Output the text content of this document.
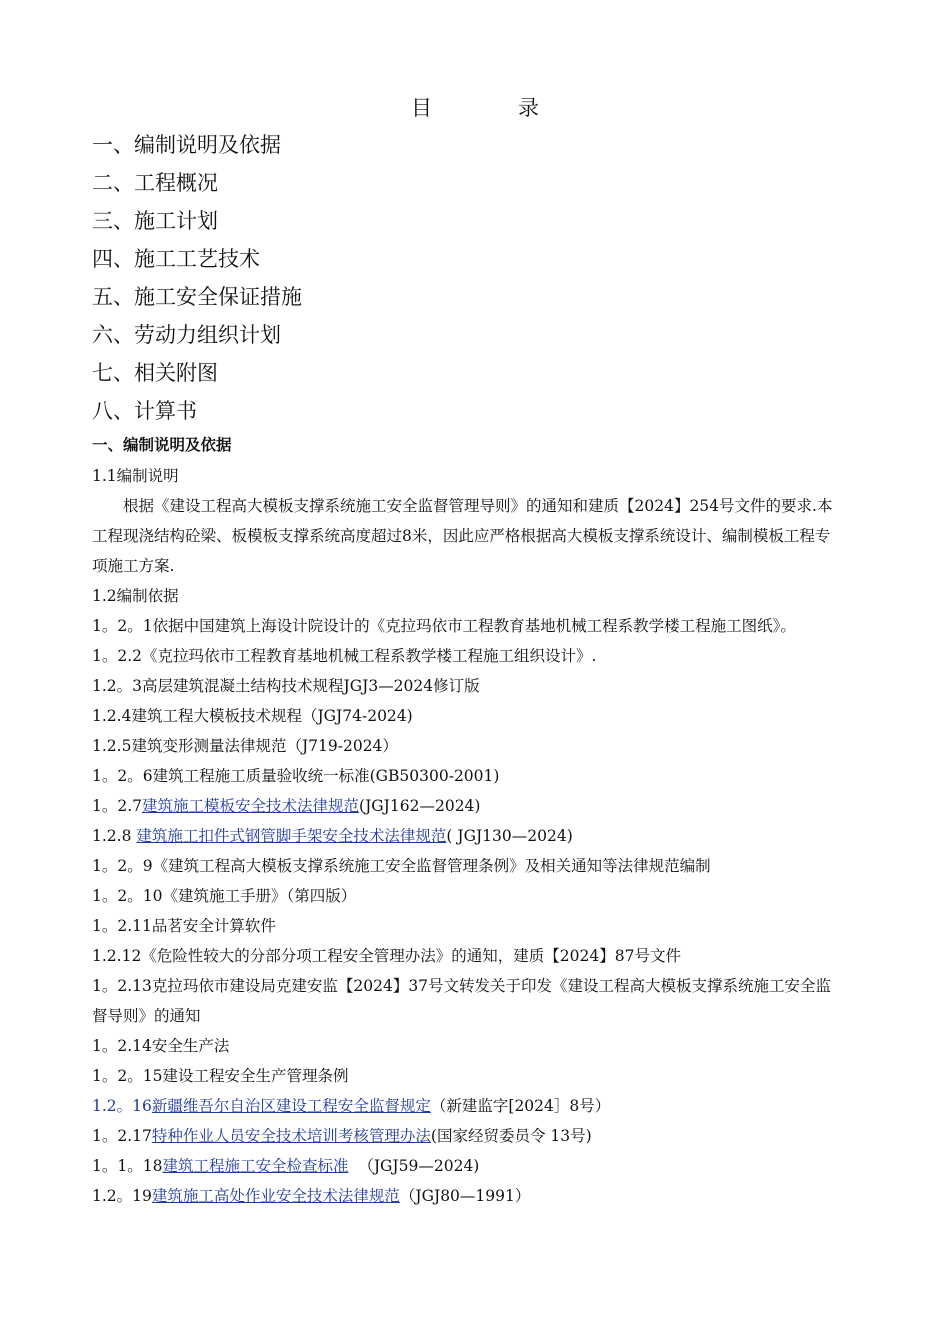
目	录
一、编制说明及依据
二、工程概况
三、施工计划
四、施工工艺技术
五、施工安全保证措施
六、劳动力组织计划
七、相关附图
八、计算书
一、编制说明及依据

1.1编制说明

根据《建设工程高大模板支撑系统施工安全监督管理导则》的通知和建质【2024】254号文件的要求.本工程现浇结构砼梁、板模板支撑系统高度超过8米，因此应严格根据高大模板支撑系统设计、编制模板工程专项施工方案.

1.2编制依据

1。2。1依据中国建筑上海设计院设计的《克拉玛依市工程教育基地机械工程系教学楼工程施工图纸》。

1。2.2《克拉玛依市工程教育基地机械工程系教学楼工程施工组织设计》.

1.2。3高层建筑混凝土结构技术规程JGJ3—2024修订版

1.2.4建筑工程大模板技术规程（JGJ74-2024)

1.2.5建筑变形测量法律规范（J719-2024）

1。2。6建筑工程施工质量验收统一标准(GB50300-2001)

1。2.7建筑施工模板安全技术法律规范(JGJ162—2024)

1.2.8 建筑施工扣件式钢管脚手架安全技术法律规范( JGJ130—2024)

1。2。9《建筑工程高大模板支撑系统施工安全监督管理条例》及相关通知等法律规范编制

1。2。10《建筑施工手册》（第四版）

1。2.11品茗安全计算软件

1.2.12《危险性较大的分部分项工程安全管理办法》的通知，建质【2024】87号文件

1。2.13克拉玛依市建设局克建安监【2024】37号文转发关于印发《建设工程高大模板支撑系统施工安全监督导则》的通知

1。2.14安全生产法

1。2。15建设工程安全生产管理条例

1.2。16新疆维吾尔自治区建设工程安全监督规定（新建监字[2024］8号）

1。2.17特种作业人员安全技术培训考核管理办法(国家经贸委员令 13号)

1。1。18建筑工程施工安全检查标准  （JGJ59—2024)

1.2。19建筑施工高处作业安全技术法律规范（JGJ80—1991）
